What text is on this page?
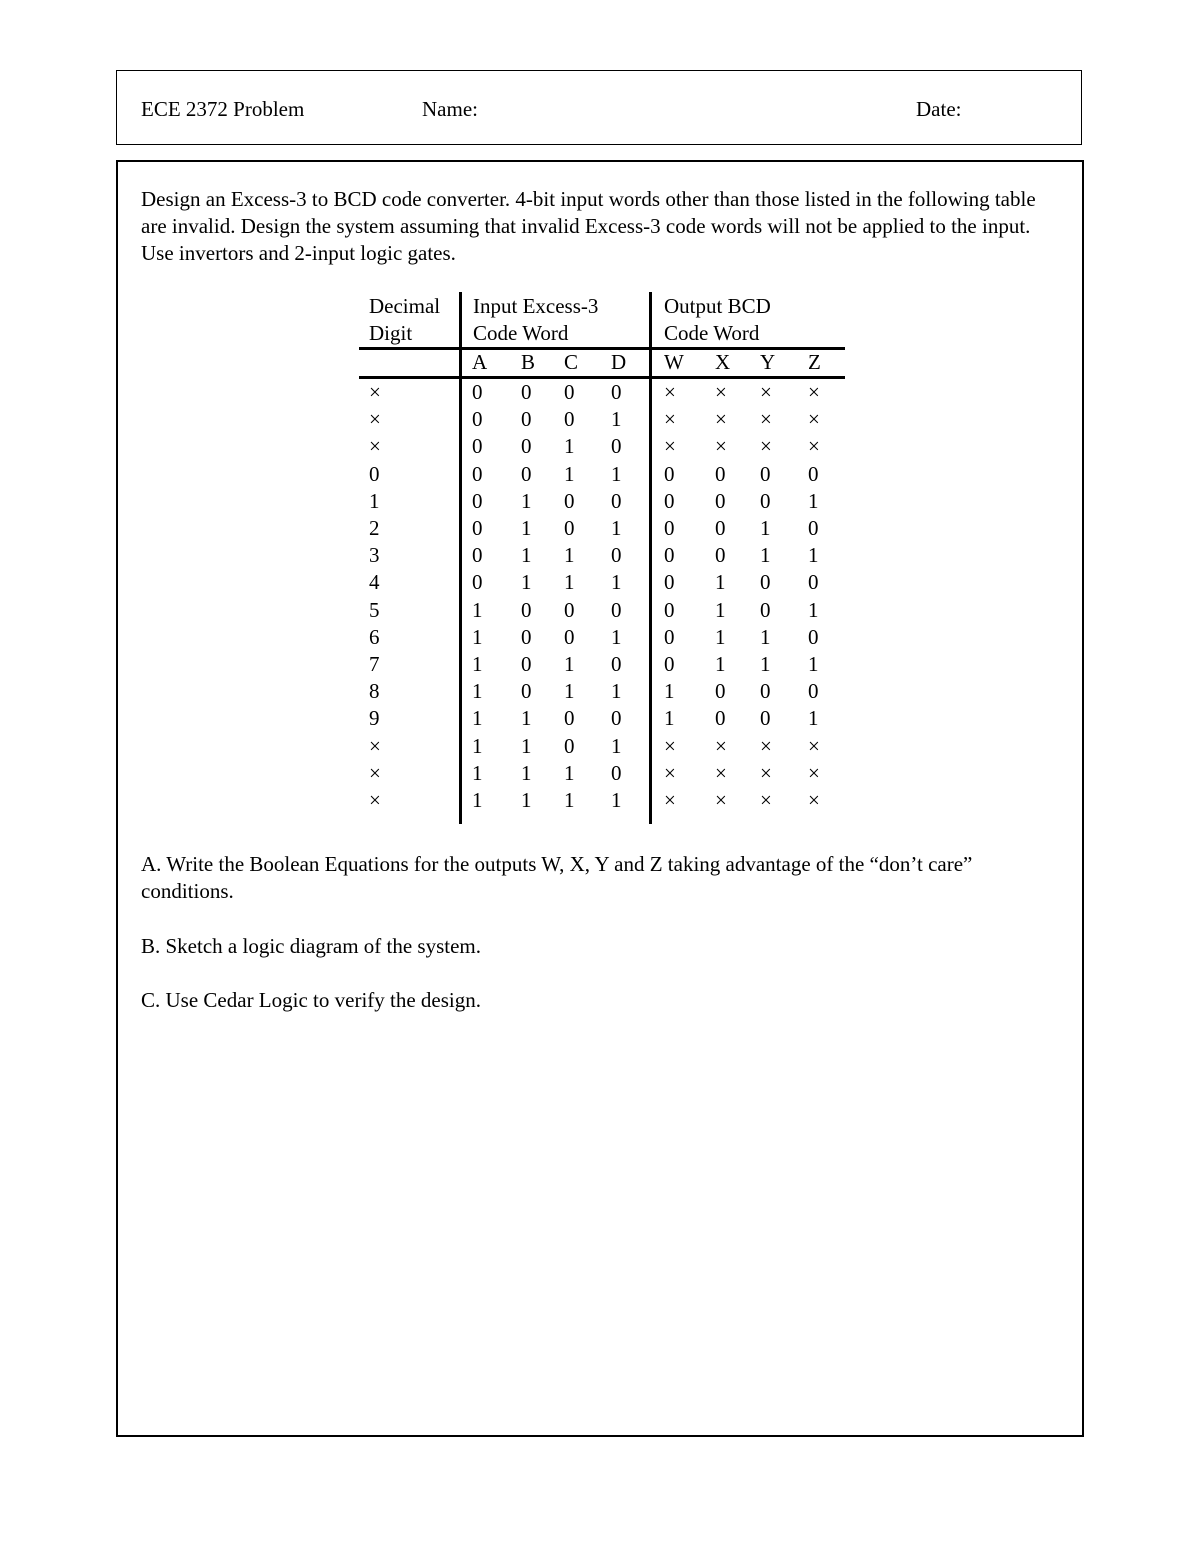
ECE 2372 Problem	Name:	Date:

Design an Excess-3 to BCD code converter. 4-bit input words other than those listed in the following table are invalid. Design the system assuming that invalid Excess-3 code words will not be applied to the input. Use invertors and 2-input logic gates.

Decimal
Digit
Input Excess-3
Code Word
Output BCD
Code Word
A B C D W X Y Z
×	0 0 0 0 × × × ×
×	0 0 0 1 × × × ×
×	0 0 1 0 × × × ×
0	0 0 1 1 0 0 0 0
1	0 1 0 0 0 0 0 1
2	0 1 0 1 0 0 1 0
3	0 1 1 0 0 0 1 1
4	0 1 1 1 0 1 0 0
5	1 0 0 0 0 1 0 1
6	1 0 0 1 0 1 1 0
7	1 0 1 0 0 1 1 1
8	1 0 1 1 1 0 0 0
9	1 1 0 0 1 0 0 1
×	1 1 0 1 × × × ×
×	1 1 1 0 × × × ×
×	1 1 1 1 × × × ×

A. Write the Boolean Equations for the outputs W, X, Y and Z taking advantage of the “don’t care” conditions.

B. Sketch a logic diagram of the system.

C. Use Cedar Logic to verify the design.
